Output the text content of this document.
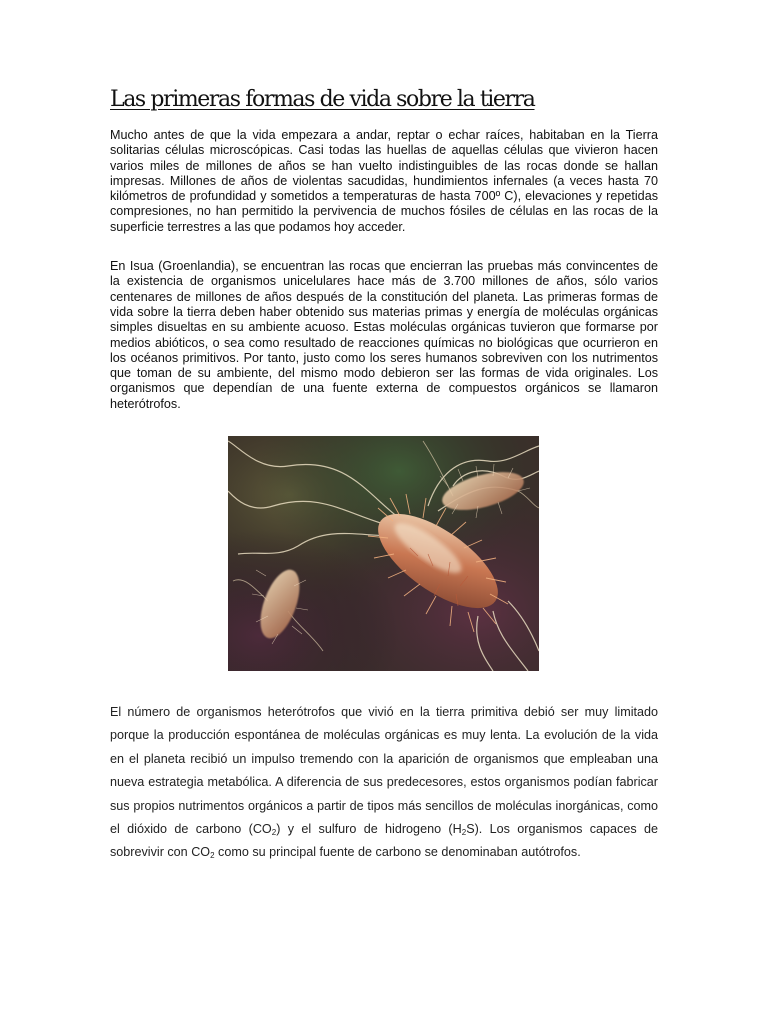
Las primeras formas de vida sobre la tierra

Mucho antes de que la vida empezara a andar, reptar o echar raíces, habitaban en la Tierra solitarias células microscópicas. Casi todas las huellas de aquellas células que vivieron hacen varios miles de millones de años se han vuelto indistinguibles de las rocas donde se hallan impresas. Millones de años de violentas sacudidas, hundimientos infernales (a veces hasta 70 kilómetros de profundidad y sometidos a temperaturas de hasta 700º C), elevaciones y repetidas compresiones, no han permitido la pervivencia de muchos fósiles de células en las rocas de la superficie terrestres a las que podamos hoy acceder.

En Isua (Groenlandia), se encuentran las rocas que encierran las pruebas más convincentes de la existencia de organismos unicelulares hace más de 3.700 millones de años, sólo varios centenares de millones de años después de la constitución del planeta. Las primeras formas de vida sobre la tierra deben haber obtenido sus materias primas y energía de moléculas orgánicas simples disueltas en su ambiente acuoso. Estas moléculas orgánicas tuvieron que formarse por medios abióticos, o sea como resultado de reacciones químicas no biológicas que ocurrieron en los océanos primitivos. Por tanto, justo como los seres humanos sobreviven con los nutrimentos que toman de su ambiente, del mismo modo debieron ser las formas de vida originales. Los organismos que dependían de una fuente externa de compuestos orgánicos se llamaron heterótrofos.

El número de organismos heterótrofos que vivió en la tierra primitiva debió ser muy limitado porque la producción espontánea de moléculas orgánicas es muy lenta. La evolución de la vida en el planeta recibió un impulso tremendo con la aparición de organismos que empleaban una nueva estrategia metabólica. A diferencia de sus predecesores, estos organismos podían fabricar sus propios nutrimentos orgánicos a partir de tipos más sencillos de moléculas inorgánicas, como el dióxido de carbono $(CO_2)$ y el sulfuro de hidrogeno $(H_2S)$. Los organismos capaces de sobrevivir con $CO_2$ como su principal fuente de carbono se denominaban autótrofos.
